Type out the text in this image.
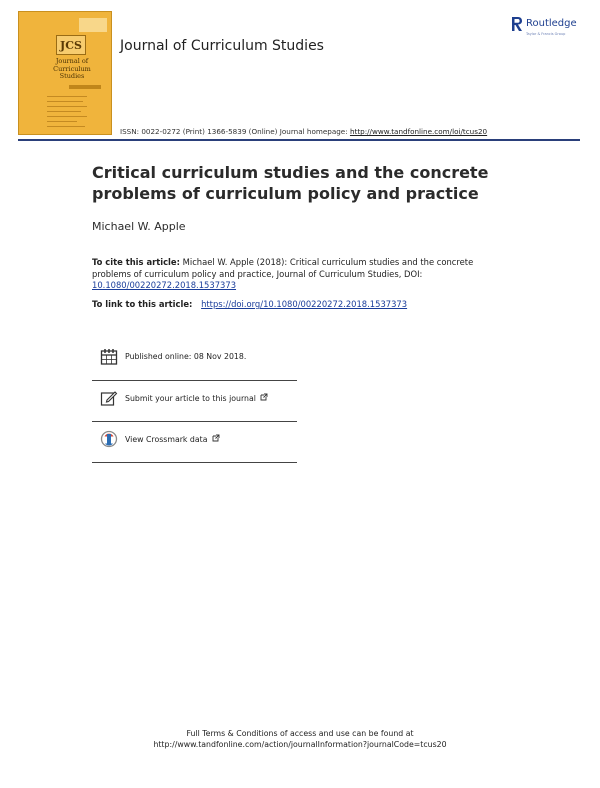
JCS
Journal of Curriculum Studies
Journal of Curriculum Studies
Routledge
Taylor & Francis Group
ISSN: 0022-0272 (Print) 1366-5839 (Online) Journal homepage: http://www.tandfonline.com/loi/tcus20
Critical curriculum studies and the concrete problems of curriculum policy and practice
Michael W. Apple
To cite this article: Michael W. Apple (2018): Critical curriculum studies and the concrete problems of curriculum policy and practice, Journal of Curriculum Studies, DOI: 10.1080/00220272.2018.1537373
To link to this article: https://doi.org/10.1080/00220272.2018.1537373
Published online: 08 Nov 2018.
Submit your article to this journal
View Crossmark data
Full Terms & Conditions of access and use can be found at
http://www.tandfonline.com/action/journalInformation?journalCode=tcus20
